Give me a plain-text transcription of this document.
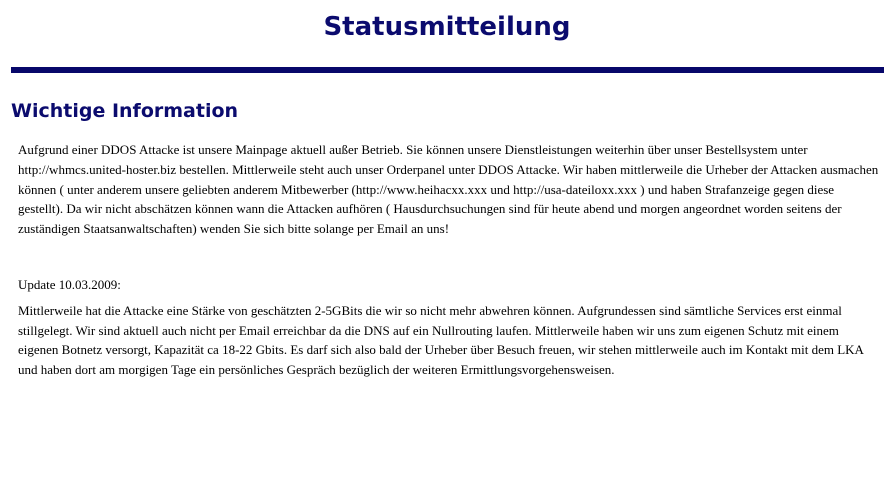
Statusmitteilung
Wichtige Information

Aufgrund einer DDOS Attacke ist unsere Mainpage aktuell außer Betrieb. Sie können unsere Dienstleistungen weiterhin über unser Bestellsystem unter http://whmcs.united-hoster.biz bestellen. Mittlerweile steht auch unser Orderpanel unter DDOS Attacke. Wir haben mittlerweile die Urheber der Attacken ausmachen können ( unter anderem unsere geliebten anderem Mitbewerber (http://www.heihacxx.xxx und http://usa-dateiloxx.xxx ) und haben Strafanzeige gegen diese gestellt). Da wir nicht abschätzen können wann die Attacken aufhören ( Hausdurchsuchungen sind für heute abend und morgen angeordnet worden seitens der zuständigen Staatsanwaltschaften) wenden Sie sich bitte solange per Email an uns!

Update 10.03.2009:

Mittlerweile hat die Attacke eine Stärke von geschätzten 2-5GBits die wir so nicht mehr abwehren können. Aufgrundessen sind sämtliche Services erst einmal stillgelegt. Wir sind aktuell auch nicht per Email erreichbar da die DNS auf ein Nullrouting laufen. Mittlerweile haben wir uns zum eigenen Schutz mit einem eigenen Botnetz versorgt, Kapazität ca 18-22 Gbits. Es darf sich also bald der Urheber über Besuch freuen, wir stehen mittlerweile auch im Kontakt mit dem LKA und haben dort am morgigen Tage ein persönliches Gespräch bezüglich der weiteren Ermittlungsvorgehensweisen.
